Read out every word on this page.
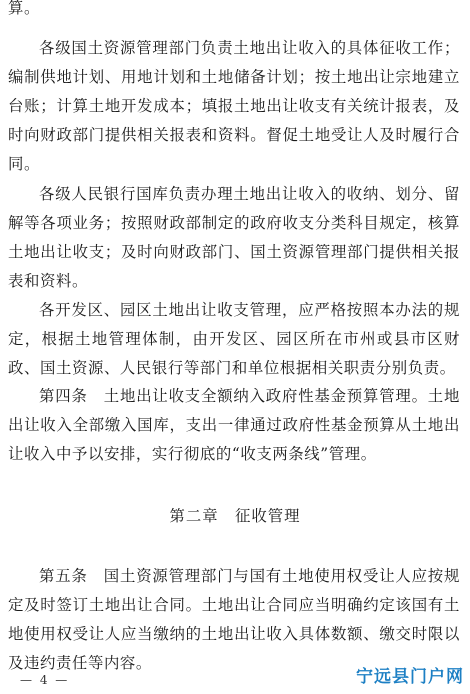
算。

各级国土资源管理部门负责土地出让收入的具体征收工作；编制供地计划、用地计划和土地储备计划；按土地出让宗地建立台账；计算土地开发成本；填报土地出让收支有关统计报表，及时向财政部门提供相关报表和资料。督促土地受让人及时履行合同。

各级人民银行国库负责办理土地出让收入的收纳、划分、留解等各项业务；按照财政部制定的政府收支分类科目规定，核算土地出让收支；及时向财政部门、国土资源管理部门提供相关报表和资料。

各开发区、园区土地出让收支管理，应严格按照本办法的规定，根据土地管理体制，由开发区、园区所在市州或县市区财政、国土资源、人民银行等部门和单位根据相关职责分别负责。

第四条　土地出让收支全额纳入政府性基金预算管理。土地出让收入全部缴入国库，支出一律通过政府性基金预算从土地出让收入中予以安排，实行彻底的“收支两条线”管理。

第二章　征收管理

第五条　国土资源管理部门与国有土地使用权受让人应按规定及时签订土地出让合同。土地出让合同应当明确约定该国有土地使用权受让人应当缴纳的土地出让收入具体数额、缴交时限以及违约责任等内容。

— 4 —	宁远县门户网
